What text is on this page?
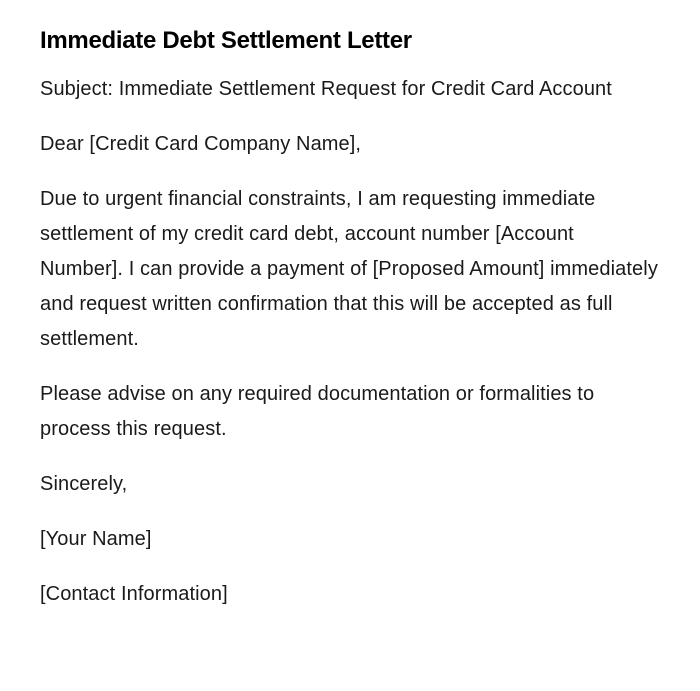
Immediate Debt Settlement Letter

Subject: Immediate Settlement Request for Credit Card Account

Dear [Credit Card Company Name],

Due to urgent financial constraints, I am requesting immediate settlement of my credit card debt, account number [Account Number]. I can provide a payment of [Proposed Amount] immediately and request written confirmation that this will be accepted as full settlement.

Please advise on any required documentation or formalities to process this request.

Sincerely,

[Your Name]

[Contact Information]
